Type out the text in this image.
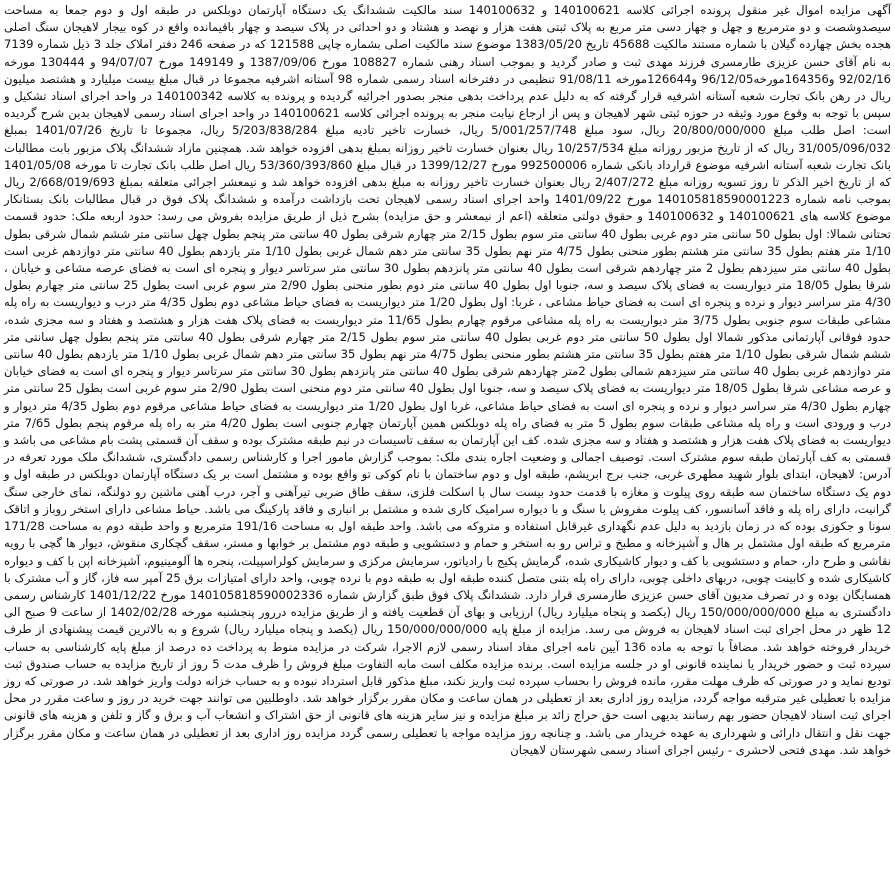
آگهی مزایده اموال غیر منقول پرونده اجرائی کلاسه 140100621 و 140100632 سند مالکیت ششدانگ یک دستگاه آپارتمان دوبلکس در طبقه اول و دوم جمعا به مساحت سیصدوشصت و دو مترمربع و چهل و چهار دسی متر مربع به پلاک ثبتی هفت هزار و نهصد و هشتاد و دو احداثی در پلاک سیصد و چهار باقیمانده واقع در کوه بیجار لاهیجان سنگ اصلی هجده بخش چهارده گیلان با شماره مستند مالکیت 45688 تاریخ 1383/05/20 موضوع سند مالکیت اصلی بشماره چاپی 121588 که در صفحه 246 دفتر املاک جلد 3 ذیل شماره 7139 به نام آقای حسن عزیزی طارمسری فرزند مهدی ثبت و صادر گردید و بموجب اسناد رهنی شماره 108827 مورخ 1387/09/06 و 149149 مورخ 94/07/07 و 130444 مورخه 92/02/16 و164356مورخه96/12/05 و126644مورخه 91/08/11 تنظیمی در دفترخانه اسناد رسمی شماره 98 آستانه اشرفیه مجموعا در قبال مبلغ بیست میلیارد و هشتصد میلیون ریال در رهن بانک تجارت شعبه آستانه اشرفیه قرار گرفته که به دلیل عدم پرداخت بدهی منجر بصدور اجرائیه گردیده و پرونده به کلاسه 140100342 در واحد اجرای اسناد تشکیل و سپس با توجه به وقوع مورد وثیقه در حوزه ثبتی شهر لاهیجان و پس از ارجاع نیابت منجر به پرونده اجرائی کلاسه 140100621 در واحد اجرای اسناد رسمی لاهیجان بدین شرح گردیده است: اصل طلب مبلغ 20/800/000/000 ریال، سود مبلغ 5/001/257/748 ریال، خسارت تاخیر تادیه مبلغ 5/203/838/284 ریال، مجموعا تا تاریخ 1401/07/26 بمبلغ 31/005/096/032 ریال که از تاریخ مزبور روزانه مبلغ 10/257/534 ریال بعنوان خسارت تاخیر روزانه بمبلغ بدهی افزوده خواهد شد. همچنین مازاد ششدانگ پلاک مزبور بابت مطالبات بانک تجارت شعبه آستانه اشرفیه موضوع قرارداد بانکی شماره 992500006 مورخ 1399/12/27 در قبال مبلغ 53/360/393/860 ریال اصل طلب بانک تجارت تا مورخه 1401/05/08 که از تاریخ اخیر الذکر تا روز تسویه روزانه مبلغ 2/407/272 ریال بعنوان خسارت تاخیر روزانه به مبلغ بدهی افزوده خواهد شد و نیمعشر اجرائی متعلقه بمبلغ 2/668/019/693 ریال بموجب نامه شماره 140105818590001223 مورخ 1401/09/22 واحد اجرای اسناد رسمی لاهیجان تحت بازداشت درآمده و ششدانگ پلاک فوق در قبال مطالبات بانک بستانکار موضوع کلاسه های 140100621 و 140100632 و حقوق دولتی متعلقه (اعم از نیمعشر و حق مزایده) بشرح ذیل از طریق مزایده بفروش می رسد: حدود اربعه ملک: حدود قسمت تحتانی شمالا: اول بطول 50 سانتی متر دوم غربی بطول 40 سانتی متر سوم بطول 2/15 متر چهارم شرقی بطول 40 سانتی متر پنجم بطول چهل سانتی متر ششم شمال شرقی بطول 1/10 متر هفتم بطول 35 سانتی متر هشتم بطور منحنی بطول 4/75 متر نهم بطول 35 سانتی متر دهم شمال غربی بطول 1/10 متر یازدهم بطول 40 سانتی متر دوازدهم غربی است بطول 40 سانتی متر سیزدهم بطول 2 متر چهاردهم شرقی است بطول 40 سانتی متر پانزدهم بطول 30 سانتی متر سرتاسر دیوار و پنجره ای است به فضای عرصه مشاعی و خیابان ، شرقا بطول 18/05 متر دیواریست به فضای پلاک سیصد و سه، جنوبا اول بطول 40 سانتی متر دوم بطور منحنی بطول 2/90 متر سوم غربی است بطول 25 سانتی متر چهارم بطول 4/30 متر سراسر دیوار و نرده و پنجره ای است به فضای حیاط مشاعی ، غربا: اول بطول 1/20 متر دیواریست به فضای حیاط مشاعی دوم بطول 4/35 متر درب و دیواریست به راه پله مشاعی طبقات سوم جنوبی بطول 3/75 متر دیواریست به راه پله مشاعی مرقوم چهارم بطول 11/65 متر دیواریست به فضای پلاک هفت هزار و هشتصد و هفتاد و سه مجزی شده، حدود فوقانی آپارتمانی مذکور شمالا اول بطول 50 سانتی متر دوم غربی بطول 40 سانتی متر سوم بطول 2/15 متر چهارم شرقی بطول 40 سانتی متر پنجم بطول چهل سانتی متر ششم شمال شرقی بطول 1/10 متر هفتم بطول 35 سانتی متر هشتم بطور منحنی بطول 4/75 متر نهم بطول 35 سانتی متر دهم شمال غربی بطول 1/10 متر یازدهم بطول 40 سانتی متر دوازدهم غربی بطول 40 سانتی متر سیزدهم شمالی بطول 2متر چهاردهم شرقی بطول 40 سانتی متر پانزدهم بطول 30 سانتی متر سرتاسر دیوار و پنجره ای است به فضای خیابان و عرصه مشاعی شرقا بطول 18/05 متر دیواریست به فضای پلاک سیصد و سه، جنوبا اول بطول 40 سانتی متر دوم منحنی است بطول 2/90 متر سوم غربی است بطول 25 سانتی متر چهارم بطول 4/30 متر سراسر دیوار و نرده و پنجره ای است به فضای حیاط مشاعی، غربا اول بطول 1/20 متر دیواریست به فضای حیاط مشاعی مرقوم دوم بطول 4/35 متر دیوار و درب و ورودی است و راه پله مشاعی طبقات سوم بطول 5 متر به فضای راه پله دوبلکس همین آپارتمان چهارم جنوبی است بطول 4/20 متر به راه پله مرقوم پنجم بطول 7/65 متر دیواریست به فضای پلاک هفت هزار و هشتصد و هفتاد و سه مجزی شده. کف این آپارتمان به سقف تاسیسات در نیم طبقه مشترک بوده و سقف آن قسمتی پشت بام مشاعی می باشد و قسمتی به کف آپارتمان طبقه سوم مشترک است. توصیف اجمالی و وضعیت اجاره بندی ملک: بموجب گزارش مامور اجرا و کارشناس رسمی دادگستری، ششدانگ ملک مورد تعرفه در آدرس: لاهیجان، ابتدای بلوار شهید مطهری غربی، جنب برج ابریشم، طبقه اول و دوم ساختمان با نام کوکی تو واقع بوده و مشتمل است بر یک دستگاه آپارتمان دوبلکس در طبقه اول و دوم یک دستگاه ساختمان سه طبقه روی پیلوت و مغازه با قدمت حدود بیست سال با اسکلت فلزی، سقف طاق ضربی تیرآهنی و آجر، درب آهنی ماشین رو دولنگه، نمای خارجی سنگ گرانیت، دارای راه پله و فاقد آسانسور، کف پیلوت مفروش با سنگ و با دیواره سرامیک کاری شده و مشتمل بر انباری و فاقد پارکینگ می باشد. حیاط مشاعی دارای استخر روباز و اتاقک سونا و جکوزی بوده که در زمان بازدید به دلیل عدم نگهداری غیرقابل استفاده و متروکه می باشد. واحد طبقه اول به مساحت 191/16 مترمربع و واحد طبقه دوم به مساحت 171/28 مترمربع که طبقه اول مشتمل بر هال و آشپزخانه و مطبخ و تراس رو به استخر و حمام و دستشویی و طبقه دوم مشتمل بر خوابها و مستر، سقف گچکاری منقوش، دیوار ها گچی با رویه نقاشی و طرح دار، حمام و دستشویی با کف و دیوار کاشیکاری شده، گرمایش پکیج با رادیاتور، سرمایش مرکزی و سرمایش کولراسپیلت، پنجره ها آلومینیوم، آشپزخانه اپن با کف و دیواره کاشیکاری شده و کابینت چوبی، دربهای داخلی چوبی، دارای راه پله بتنی متصل کننده طبقه اول به طبقه دوم با نرده چوبی، واحد دارای امتیازات برق 25 آمپر سه فاز، گاز و آب مشترک با همسایگان بوده و در تصرف مدیون آقای حسن عزیزی طارمسری قرار دارد. ششدانگ پلاک فوق طبق گزارش شماره 140105818590002336 مورخ 1401/12/22 کارشناس رسمی دادگستری به مبلغ 150/000/000/000 ریال (یکصد و پنجاه میلیارد ریال) ارزیابی و بهای آن قطعیت یافته و از طریق مزایده دررور پنجشنبه مورخه 1402/02/28 از ساعت 9 صبح الی 12 ظهر در محل اجرای ثبت اسناد لاهیجان به فروش می رسد. مزایده از مبلغ پایه 150/000/000/000 ریال (یکصد و پنجاه میلیارد ریال) شروع و به بالاترین قیمت پیشنهادی از طرف خریدار فروخته خواهد شد. مضافاً با توجه به ماده 136 آیین نامه اجرای مفاد اسناد رسمی لازم الاجرا، شرکت در مزایده منوط به پرداخت ده درصد از مبلغ پایه کارشناسی به حساب سپرده ثبت و حضور خریدار یا نماینده قانونی او در جلسه مزایده است. برنده مزایده مکلف است مابه التفاوت مبلغ فروش را ظرف مدت 5 روز از تاریخ مزایده به حساب صندوق ثبت تودیع نماید و در صورتی که ظرف مهلت مقرر، مانده فروش را بحساب سپرده ثبت واریز نکند، مبلغ مذکور قابل استرداد نبوده و به حساب خزانه دولت واریز خواهد شد. در صورتی که روز مزایده با تعطیلی غیر مترقبه مواجه گردد، مزایده روز اداری بعد از تعطیلی در همان ساعت و مکان مقرر برگزار خواهد شد. داوطلبین می توانند جهت خرید در روز و ساعت مقرر در محل اجرای ثبت اسناد لاهیجان حضور بهم رسانند بدیهی است حق حراج زائد بر مبلغ مزایده و نیز سایر هزینه های قانونی از حق اشتراک و انشعاب آب و برق و گاز و تلفن و هزینه های قانونی جهت نقل و انتقال دارائی و شهرداری به عهده خریدار می باشد. و چنانچه روز مزایده مواجه با تعطیلی رسمی گردد مزایده روز اداری بعد از تعطیلی در همان ساعت و مکان مقرر برگزار خواهد شد. مهدی فتحی لاحشری - رئیس اجرای اسناد رسمی شهرستان لاهیجان
